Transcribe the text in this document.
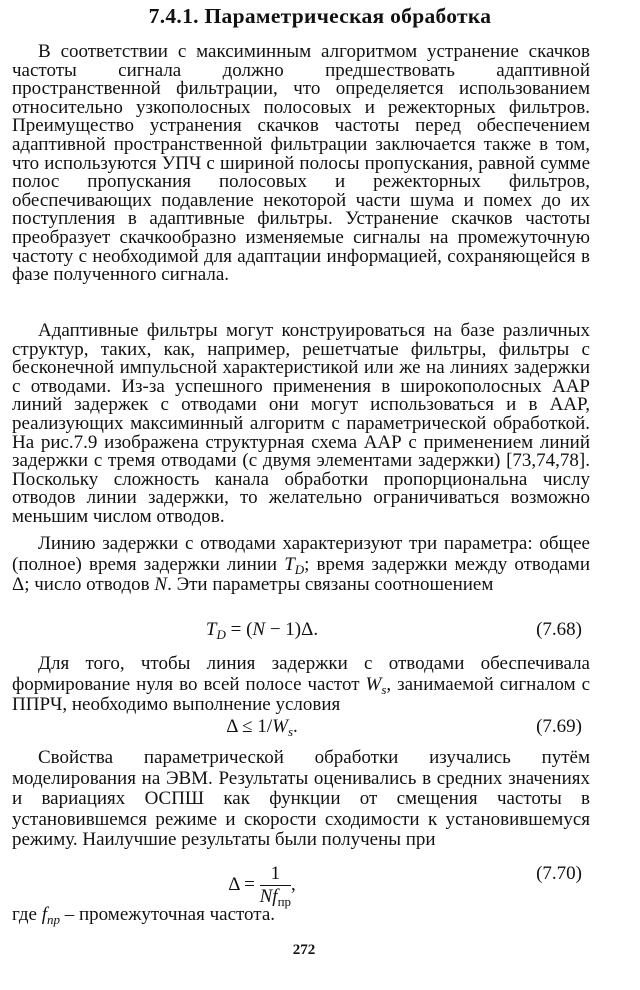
7.4.1. Параметрическая обработка

В соответствии с максиминным алгоритмом устранение скачков частоты сигнала должно предшествовать адаптивной пространственной фильтрации, что определяется использованием относительно узкополосных полосовых и режекторных фильтров. Преимущество устранения скачков частоты перед обеспечением адаптивной пространственной фильтрации заключается также в том, что используются УПЧ с шириной полосы пропускания, равной сумме полос пропускания полосовых и режекторных фильтров, обеспечивающих подавление некоторой части шума и помех до их поступления в адаптивные фильтры. Устранение скачков частоты преобразует скачкообразно изменяемые сигналы на промежуточную частоту с необходимой для адаптации информацией, сохраняющейся в фазе полученного сигнала.

Адаптивные фильтры могут конструироваться на базе различных структур, таких, как, например, решетчатые фильтры, фильтры с бесконечной импульсной характеристикой или же на линиях задержки с отводами. Из-за успешного применения в широкополосных ААР линий задержек с отводами они могут использоваться и в ААР, реализующих максиминный алгоритм с параметрической обработкой. На рис.7.9 изображена структурная схема ААР с применением линий задержки с тремя отводами (с двумя элементами задержки) [73,74,78]. Поскольку сложность канала обработки пропорциональна числу отводов линии задержки, то желательно ограничиваться возможно меньшим числом отводов.

Линию задержки с отводами характеризуют три параметра: общее (полное) время задержки линии $T_D$; время задержки между отводами Δ; число отводов N. Эти параметры связаны соотношением

$T_D = (N - 1)\Delta$.	(7.68)

Для того, чтобы линия задержки с отводами обеспечивала формирование нуля во всей полосе частот $W_s$, занимаемой сигналом с ППРЧ, необходимо выполнение условия

$\Delta \le 1/W_s$.	(7.69)

Свойства параметрической обработки изучались путём моделирования на ЭВМ. Результаты оценивались в средних значениях и вариациях ОСПШ как функции от смещения частоты в установившемся режиме и скорости сходимости к установившемуся режиму. Наилучшие результаты были получены при

$\Delta = \frac{1}{Nf_{пр}}$ ,
(7.70)

где $f_{пр}$ – промежуточная частота.

272
